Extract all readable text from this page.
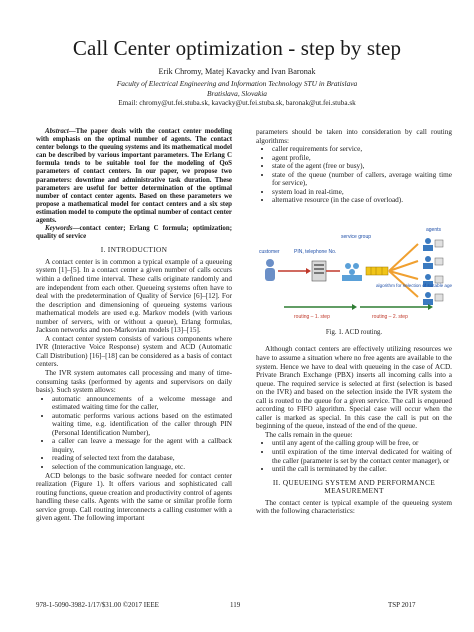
Call Center optimization - step by step
Erik Chromy, Matej Kavacky and Ivan Baronak
Faculty of Electrical Engineering and Information Technology STU in Bratislava
Bratislava, Slovakia
Email: chromy@ut.fei.stuba.sk, kavacky@ut.fei.stuba.sk, baronak@ut.fei.stuba.sk

Abstract—The paper deals with the contact center modeling with emphasis on the optimal number of agents. The contact center belongs to the queuing systems and its mathematical model can be described by various important parameters. The Erlang C formula tends to be suitable tool for the modeling of QoS parameters of contact centers. In our paper, we propose two parameters: downtime and administrative task duration. These parameters are useful for better determination of the optimal number of contact center agents. Based on these parameters we propose a mathematical model for contact centers and a six step estimation model to compute the optimal number of contact center agents.

Keywords—contact center; Erlang C formula; optimization; quality of service

I. INTRODUCTION

A contact center is in common a typical example of a queueing system [1]–[5]. In a contact center a given number of calls occurs within a defined time interval. These calls originate randomly and are independent from each other. Queueing systems often have to deal with the predetermination of Quality of Service [6]–[12]. For the description and dimensioning of queueing systems various mathematical models are used e.g. Markov models (with various number of servers, with or without a queue), Erlang formulas, Jackson networks and non-Markovian models [13]–[15].

A contact center system consists of various components where IVR (Interactive Voice Response) system and ACD (Automatic Call Distribution) [16]–[18] can be considered as a basis of contact centers.

The IVR system automates call processing and many of time-consuming tasks (performed by agents and supervisors on daily basis). Such system allows:

• automatic announcements of a welcome message and estimated waiting time for the caller,
• automatic performs various actions based on the estimated waiting time, e.g. identification of the caller through PIN (Personal Identification Number),
• a caller can leave a message for the agent with a callback inquiry,
• reading of selected text from the database,
• selection of the communication language, etc.

ACD belongs to the basic software needed for contact center realization (Figure 1). It offers various and sophisticated call routing functions, queue creation and productivity control of agents handling these calls. Agents with the same or similar profile form service group. Call routing interconnects a calling customer with a given agent. The following important

parameters should be taken into consideration by call routing algorithms:

• caller requirements for service,
• agent profile,
• state of the agent (free or busy),
• state of the queue (number of callers, average waiting time for service),
• system load in real-time,
• alternative resource (in the case of overload).
customer	PIN, telephone No.
service group
agents
algorithm for selection of suitable agent
routing – 1. step	routing – 2. step
Fig. 1. ACD routing.

Although contact centers are effectively utilizing resources we have to assume a situation where no free agents are available to the system. Hence we have to deal with queueing in the case of ACD. Private Branch Exchange (PBX) inserts all incoming calls into a queue. The required service is selected at first (selection is based on the IVR) and based on the selection inside the IVR system the call is routed to the queue for a given service. The call is enqueued according to FIFO algorithm. Special case will occur when the caller is marked as special. In this case the call is put on the beginning of the queue, instead of the end of the queue.

The calls remain in the queue:

• until any agent of the calling group will be free, or
• until expiration of the time interval dedicated for waiting of the caller (parameter is set by the contact center manager), or
• until the call is terminated by the caller.
II. QUEUEING SYSTEM AND PERFORMANCE
MEASUREMENT

The contact center is typical example of the queueing system with the following characteristics:

978-1-5090-3982-1/17/$31.00 ©2017 IEEE	119	TSP 2017
